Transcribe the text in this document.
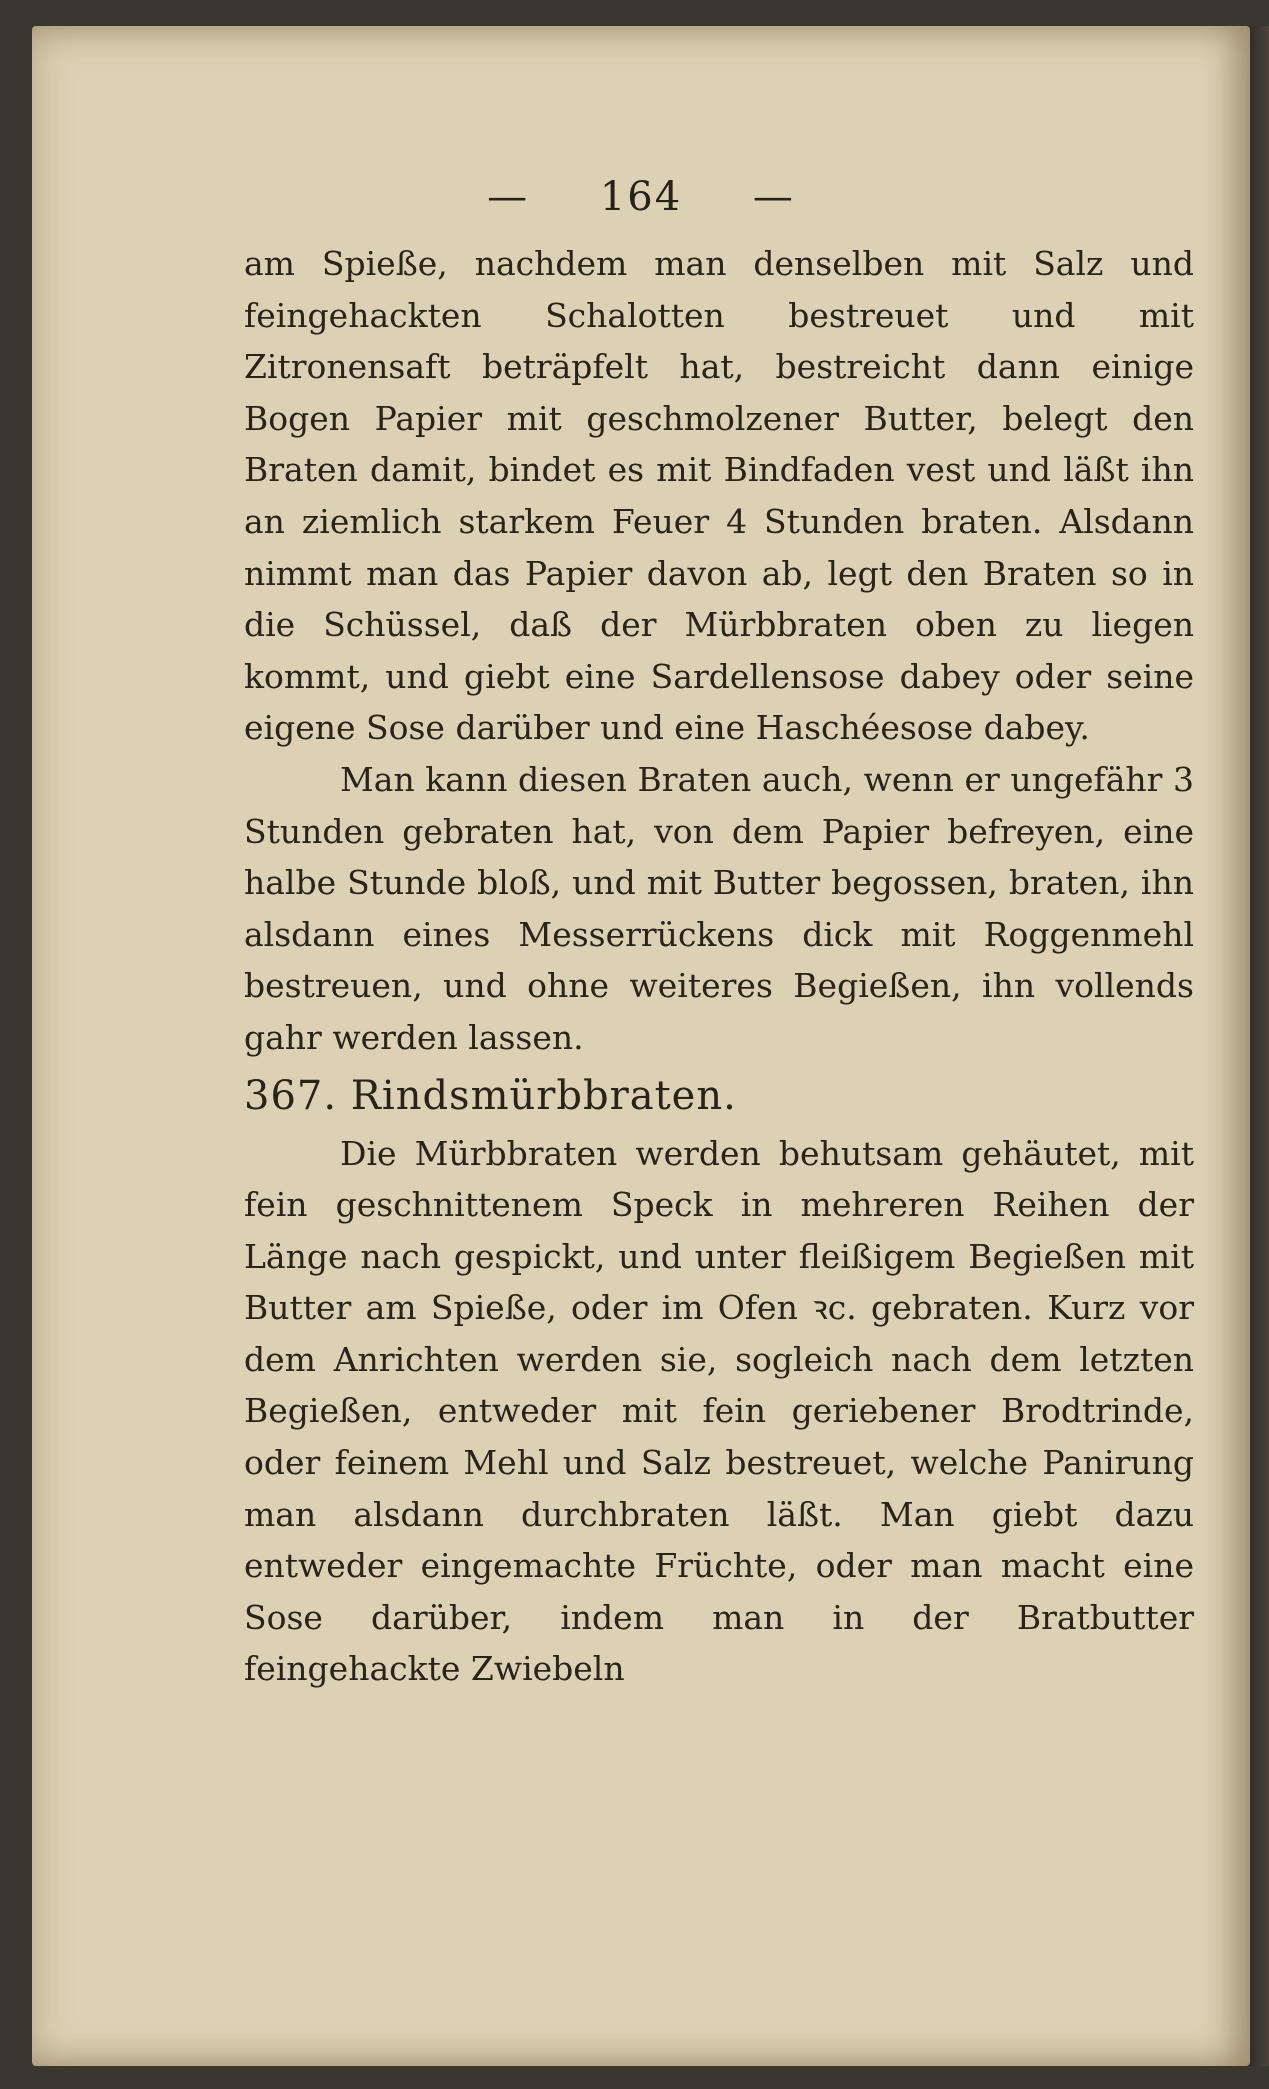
— 164 —

am Spieße, nachdem man denselben mit Salz und feingehackten Schalotten bestreuet und mit Zitronensaft beträpfelt hat, bestreicht dann einige Bogen Papier mit geschmolzener Butter, belegt den Braten damit, bindet es mit Bindfaden vest und läßt ihn an ziemlich starkem Feuer 4 Stunden braten. Alsdann nimmt man das Papier davon ab, legt den Braten so in die Schüssel, daß der Mürbbraten oben zu liegen kommt, und giebt eine Sardellensose dabey oder seine eigene Sose darüber und eine Haschéesose dabey.

Man kann diesen Braten auch, wenn er ungefähr 3 Stunden gebraten hat, von dem Papier befreyen, eine halbe Stunde bloß, und mit Butter begossen, braten, ihn alsdann eines Messerrückens dick mit Roggenmehl bestreuen, und ohne weiteres Begießen, ihn vollends gahr werden lassen.

367. Rindsmürbbraten.

Die Mürbbraten werden behutsam gehäutet, mit fein geschnittenem Speck in mehreren Reihen der Länge nach gespickt, und unter fleißigem Begießen mit Butter am Spieße, oder im Ofen ꝛc. gebraten. Kurz vor dem Anrichten werden sie, sogleich nach dem letzten Begießen, entweder mit fein geriebener Brodtrinde, oder feinem Mehl und Salz bestreuet, welche Panirung man alsdann durchbraten läßt. Man giebt dazu entweder eingemachte Früchte, oder man macht eine Sose darüber, indem man in der Bratbutter feingehackte Zwiebeln
